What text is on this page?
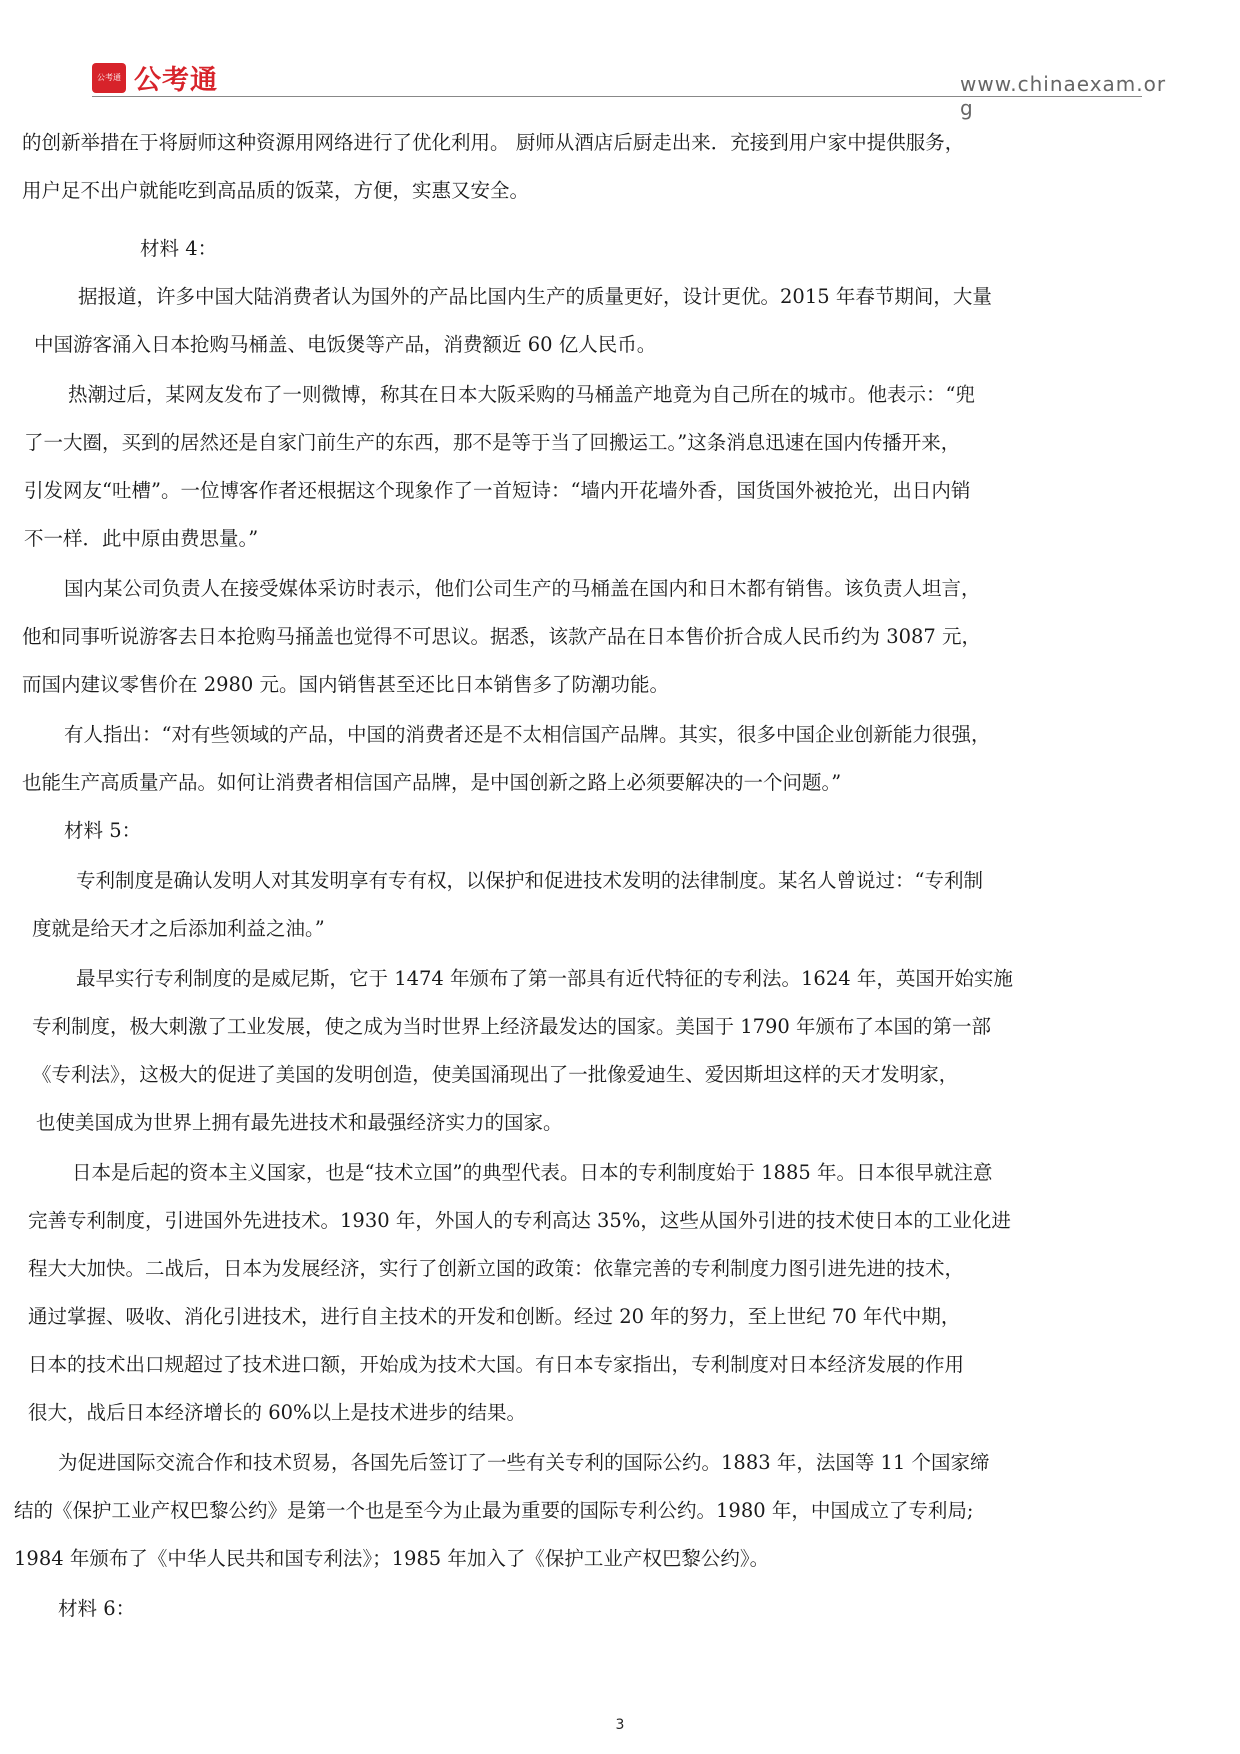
公考通 公考通	www.chinaexam.org
的创新举措在于将厨师这种资源用网络进行了优化利用。 厨师从酒店后厨走出来．充接到用户家中提供服务，
用户足不出户就能吃到高品质的饭菜，方便，实惠又安全。
材料 4：
据报道，许多中国大陆消费者认为国外的产品比国内生产的质量更好，设计更优。2015 年春节期间，大量
中国游客涌入日本抢购马桶盖、电饭煲等产品，消费额近 60 亿人民币。
热潮过后，某网友发布了一则微博，称其在日本大阪采购的马桶盖产地竟为自己所在的城市。他表示：“兜
了一大圈，买到的居然还是自家门前生产的东西，那不是等于当了回搬运工。”这条消息迅速在国内传播开来，
引发网友“吐槽”。一位博客作者还根据这个现象作了一首短诗：“墙内开花墙外香，国货国外被抢光，出日内销
不一样．此中原由费思量。”
国内某公司负责人在接受媒体采访时表示，他们公司生产的马桶盖在国内和日木都有销售。该负责人坦言，
他和同事听说游客去日本抢购马捅盖也觉得不可思议。据悉，该款产品在日本售价折合成人民币约为 3087 元，
而国内建议零售价在 2980 元。国内销售甚至还比日本销售多了防潮功能。
有人指出：“对有些领域的产品，中国的消费者还是不太相信国产品牌。其实，很多中国企业创新能力很强，
也能生产高质量产品。如何让消费者相信国产品牌，是中国创新之路上必须要解决的一个问题。”
材料 5：
专利制度是确认发明人对其发明享有专有权，以保护和促进技术发明的法律制度。某名人曾说过：“专利制
度就是给天才之后添加利益之油。”
最早实行专利制度的是威尼斯，它于 1474 年颁布了第一部具有近代特征的专利法。1624 年，英国开始实施
专利制度，极大刺激了工业发展，使之成为当时世界上经济最发达的国家。美国于 1790 年颁布了本国的第一部
《专利法》，这极大的促进了美国的发明创造，使美国涌现出了一批像爱迪生、爱因斯坦这样的天才发明家，
也使美国成为世界上拥有最先进技术和最强经济实力的国家。
日本是后起的资本主义国家，也是“技术立国”的典型代表。日本的专利制度始于 1885 年。日本很早就注意
完善专利制度，引进国外先进技术。1930 年，外国人的专利高达 35%，这些从国外引进的技术使日本的工业化进
程大大加快。二战后，日本为发展经济，实行了创新立国的政策：依靠完善的专利制度力图引进先进的技术，
通过掌握、吸收、消化引进技术，进行自主技术的开发和创断。经过 20 年的努力，至上世纪 70 年代中期，
日本的技术出口规超过了技术进口额，开始成为技术大国。有日本专家指出，专利制度对日本经济发展的作用
很大，战后日本经济增长的 60%以上是技术进步的结果。
为促进国际交流合作和技术贸易，各国先后签订了一些有关专利的国际公约。1883 年，法国等 11 个国家缔
结的《保护工业产权巴黎公约》是第一个也是至今为止最为重要的国际专利公约。1980 年，中国成立了专利局;
1984 年颁布了《中华人民共和国专利法》；1985 年加入了《保护工业产权巴黎公约》。
材料 6：
3
